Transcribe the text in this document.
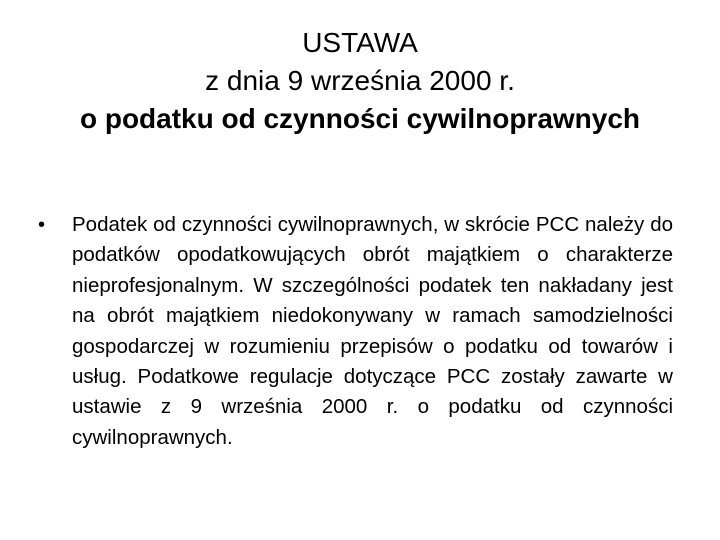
USTAWA
z dnia 9 września 2000 r.
o podatku od czynności cywilnoprawnych
• Podatek od czynności cywilnoprawnych, w skrócie PCC należy do podatków opodatkowujących obrót majątkiem o charakterze nieprofesjonalnym. W szczególności podatek ten nakładany jest na obrót majątkiem niedokonywany w ramach samodzielności gospodarczej w rozumieniu przepisów o podatku od towarów i usług. Podatkowe regulacje dotyczące PCC zostały zawarte w ustawie z 9 września 2000 r. o podatku od czynności cywilnoprawnych.
